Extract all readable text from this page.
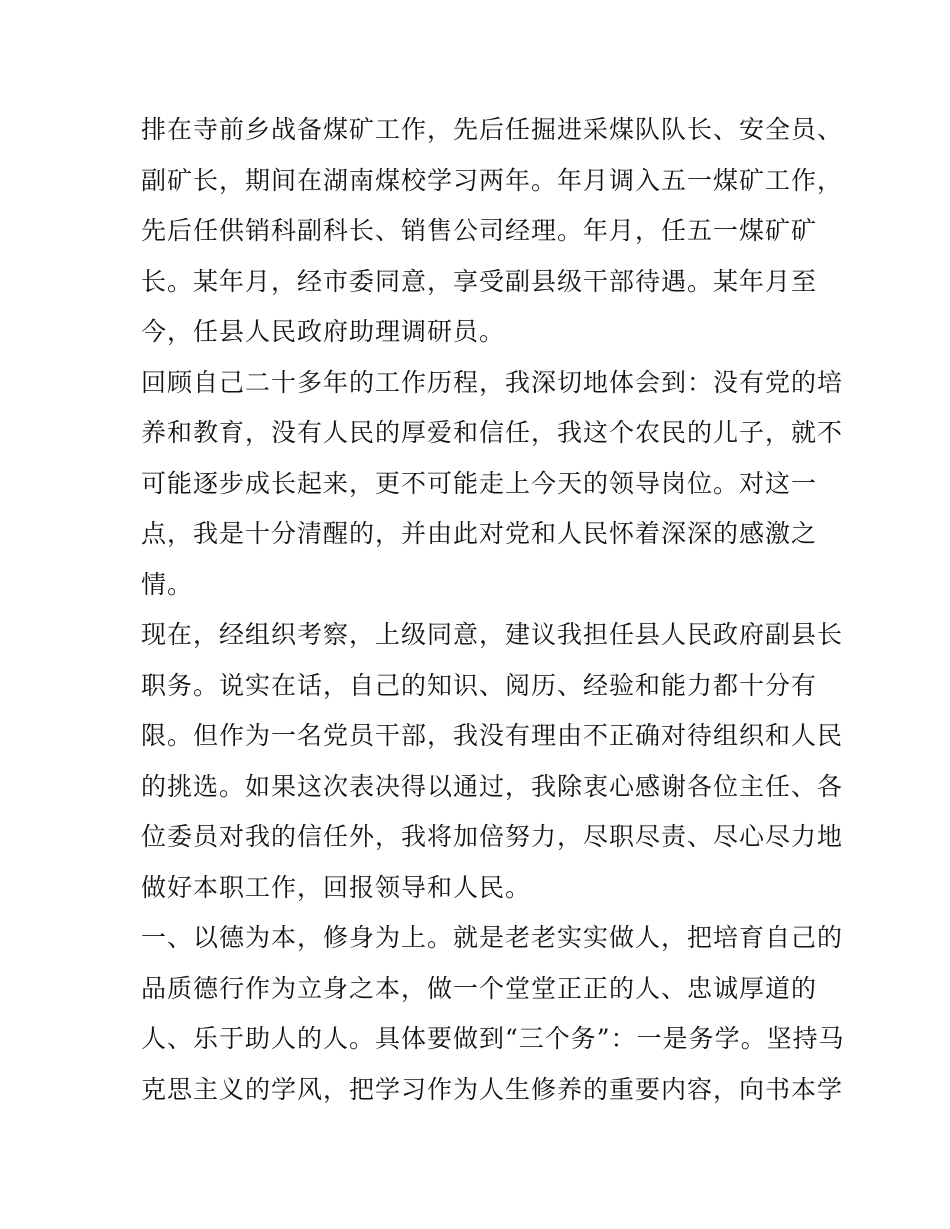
排在寺前乡战备煤矿工作，先后任掘进采煤队队长、安全员、
副矿长，期间在湖南煤校学习两年。年月调入五一煤矿工作，
先后任供销科副科长、销售公司经理。年月，任五一煤矿矿
长。某年月，经市委同意，享受副县级干部待遇。某年月至
今，任县人民政府助理调研员。
回顾自己二十多年的工作历程，我深切地体会到：没有党的培
养和教育，没有人民的厚爱和信任，我这个农民的儿子，就不
可能逐步成长起来，更不可能走上今天的领导岗位。对这一
点，我是十分清醒的，并由此对党和人民怀着深深的感激之
情。
现在，经组织考察，上级同意，建议我担任县人民政府副县长
职务。说实在话，自己的知识、阅历、经验和能力都十分有
限。但作为一名党员干部，我没有理由不正确对待组织和人民
的挑选。如果这次表决得以通过，我除衷心感谢各位主任、各
位委员对我的信任外，我将加倍努力，尽职尽责、尽心尽力地
做好本职工作，回报领导和人民。
一、以德为本，修身为上。就是老老实实做人，把培育自己的
品质德行作为立身之本，做一个堂堂正正的人、忠诚厚道的
人、乐于助人的人。具体要做到“三个务”：一是务学。坚持马
克思主义的学风，把学习作为人生修养的重要内容，向书本学
